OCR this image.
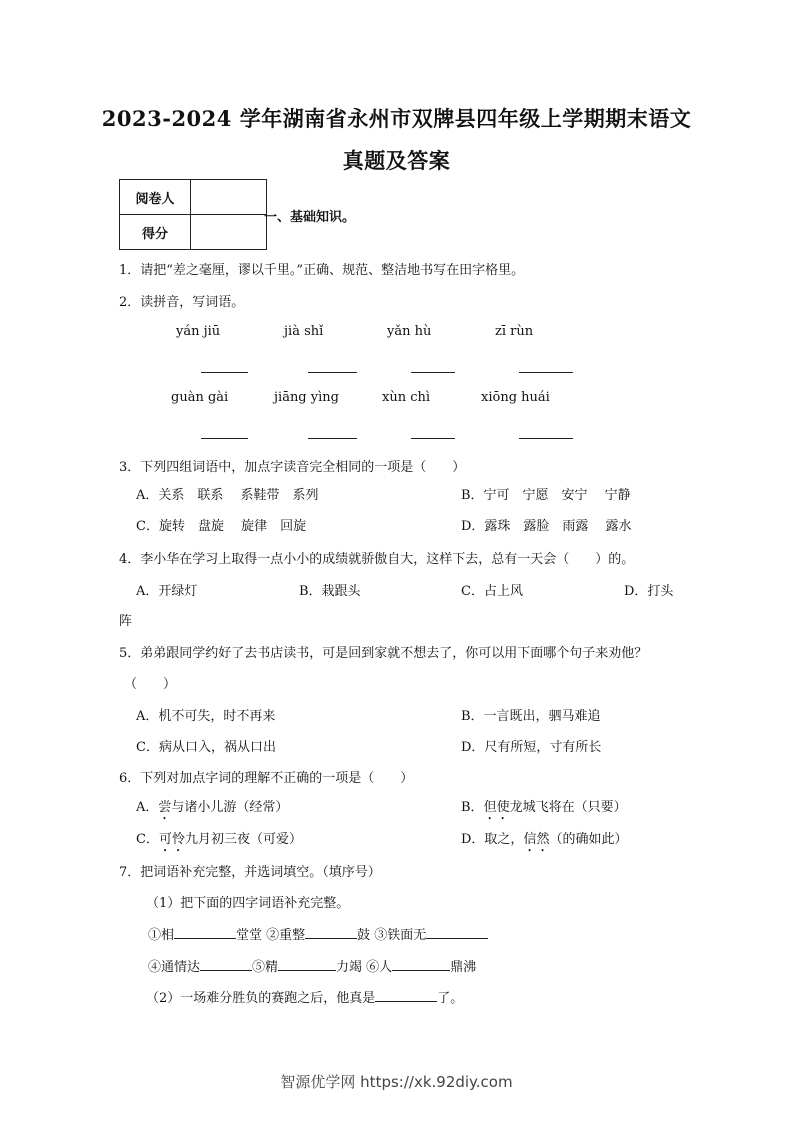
2023-2024 学年湖南省永州市双牌县四年级上学期期末语文
真题及答案
阅卷人	
得分	
一、基础知识。
1．请把“差之毫厘，谬以千里。”正确、规范、整洁地书写在田字格里。
2．读拼音，写词语。
yán jiū	jià shǐ	yǎn hù	zī rùn
guàn gài	jiāng yìng	xùn chì	xiōng huái
3．下列四组词语中，加点字读音完全相同的一项是（　　）
A．关系　联系　 系鞋带　系列	B．宁可　宁愿　安宁　 宁静
C．旋转　盘旋　 旋律　回旋	D．露珠　露脸　雨露　 露水
4．李小华在学习上取得一点小小的成绩就骄傲自大，这样下去，总有一天会（　　）的。
A．开绿灯	B．栽跟头	C．占上风	D．打头
阵
5．弟弟跟同学约好了去书店读书，可是回到家就不想去了，你可以用下面哪个句子来劝他？
（　　）
A．机不可失，时不再来	B．一言既出，驷马难追
C．病从口入，祸从口出	D．尺有所短，寸有所长
6．下列对加点字词的理解不正确的一项是（　　）
A．尝与诸小儿游（经常）	B．但使龙城飞将在（只要）
C．可怜九月初三夜（可爱）	D．取之，信然（的确如此）
7．把词语补充完整，并选词填空。（填序号）
（1）把下面的四字词语补充完整。
①相	堂堂 ②重整	鼓 ③铁面无
④通情达	⑤精	力竭 ⑥人	鼎沸
（2）一场难分胜负的赛跑之后，他真是	了。
智源优学网 https://xk.92diy.com
